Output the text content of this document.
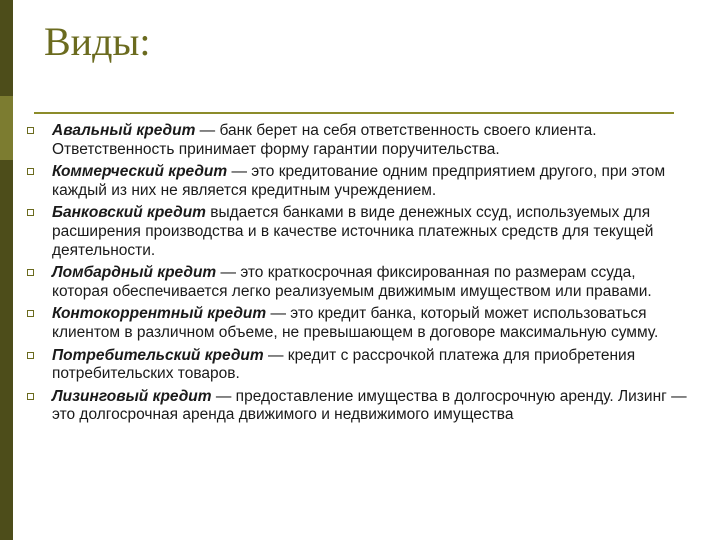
Виды:
Авальный кредит — банк берет на себя ответственность своего клиента. Ответственность принимает форму гарантии поручительства.
Коммерческий кредит — это кредитование одним предприятием другого, при этом каждый из них не является кредитным учреждением.
Банковский кредит выдается банками в виде денежных ссуд, используемых для расширения производства и в качестве источника платежных средств для текущей деятельности.
Ломбардный кредит — это краткосрочная фиксированная по размерам ссуда, которая обеспечивается легко реализуемым движимым имуществом или правами.
Контокоррентный кредит — это кредит банка, который может использоваться клиентом в различном объеме, не превышающем в договоре максимальную сумму.
Потребительский кредит — кредит с рассрочкой платежа для приобретения потребительских товаров.
Лизинговый кредит — предоставление имущества в долгосрочную аренду. Лизинг — это долгосрочная аренда движимого и недвижимого имущества
